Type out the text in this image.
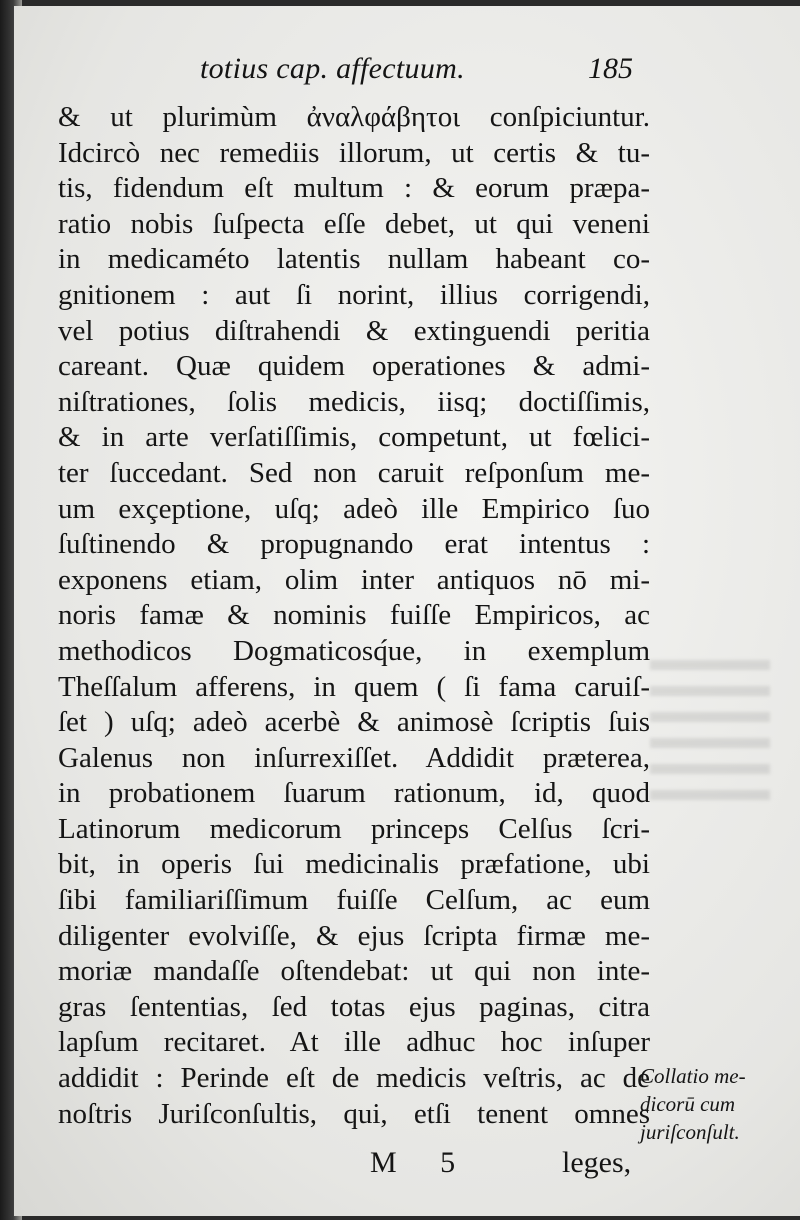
totius cap. affectuum.	185
& ut plurimùm ἀναλφάβητοι conſpiciuntur.
Idcircò nec remediis illorum, ut certis & tu-
tis, fidendum eſt multum : & eorum præpa-
ratio nobis ſuſpecta eſſe debet, ut qui veneni
in medicaméto latentis nullam habeant co-
gnitionem : aut ſi norint, illius corrigendi,
vel potius diſtrahendi & extinguendi peritia
careant. Quæ quidem operationes & admi-
niſtrationes, ſolis medicis, iisq; doctiſſimis,
& in arte verſatiſſimis, competunt, ut fœlici-
ter ſuccedant. Sed non caruit reſponſum me-
um exçeptione, uſq; adeò ille Empirico ſuo
ſuſtinendo & propugnando erat intentus :
exponens etiam, olim inter antiquos nō mi-
noris famæ & nominis fuiſſe Empiricos, ac
methodicos Dogmaticosq́ue, in exemplum
Theſſalum afferens, in quem ( ſi fama caruiſ-
ſet ) uſq; adeò acerbè & animosè ſcriptis ſuis
Galenus non inſurrexiſſet. Addidit præterea,
in probationem ſuarum rationum, id, quod
Latinorum medicorum princeps Celſus ſcri-
bit, in operis ſui medicinalis præfatione, ubi
ſibi familiariſſimum fuiſſe Celſum, ac eum
diligenter evolviſſe, & ejus ſcripta firmæ me-
moriæ mandaſſe oſtendebat: ut qui non inte-
gras ſententias, ſed totas ejus paginas, citra
lapſum recitaret. At ille adhuc hoc inſuper
addidit : Perinde eſt de medicis veſtris, ac de
noſtris Juriſconſultis, qui, etſi tenent omnes
Collatio me-
dicorū cum
juriſconſult.
M 5	leges,
